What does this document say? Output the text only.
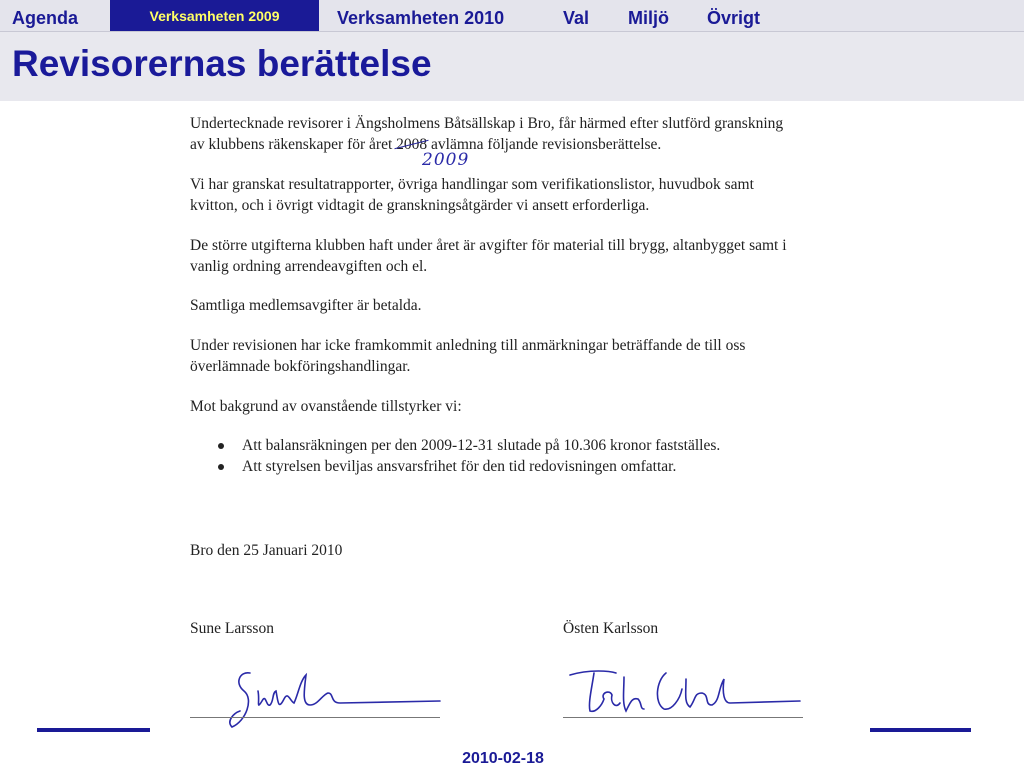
Agenda	Verksamheten 2009	Verksamheten 2010	Val Miljö Övrigt
Revisorernas berättelse

Undertecknade revisorer i Ängsholmens Båtsällskap i Bro, får härmed efter slutförd granskning

av klubbens räkenskaper för året 2008 avlämna följande revisionsberättelse.

2009

Vi har granskat resultatrapporter, övriga handlingar som verifikationslistor, huvudbok samt

kvitton, och i övrigt vidtagit de granskningsåtgärder vi ansett erforderliga.

De större utgifterna klubben haft under året är avgifter för material till brygg, altanbygget samt i

vanlig ordning arrendeavgiften och el.

Samtliga medlemsavgifter är betalda.

Under revisionen har icke framkommit anledning till anmärkningar beträffande de till oss

överlämnade bokföringshandlingar.

Mot bakgrund av ovanstående tillstyrker vi:

Att balansräkningen per den 2009-12-31 slutade på 10.306 kronor fastställes.
Att styrelsen beviljas ansvarsfrihet för den tid redovisningen omfattar.

Bro den 25 Januari 2010

Sune Larsson	Östen Karlsson
2010-02-18
